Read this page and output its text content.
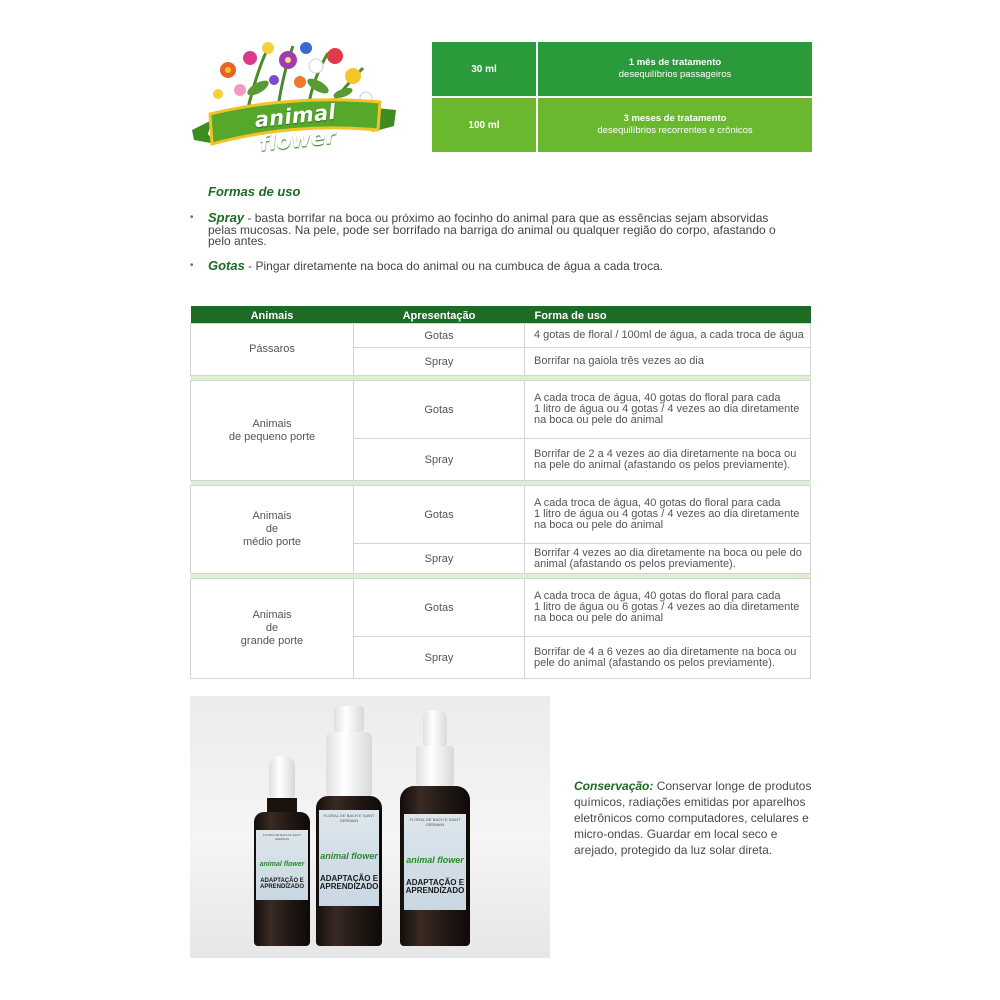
animal flower
30 ml
1 mês de tratamento
desequilíbrios passageiros
100 ml
3 meses de tratamento
desequilíbrios recorrentes e crônicos
Formas de uso
• Spray - basta borrifar na boca ou próximo ao focinho do animal para que as essências sejam absorvidas pelas mucosas. Na pele, pode ser borrifado na barriga do animal ou qualquer região do corpo, afastando o pelo antes.
• Gotas - Pingar diretamente na boca do animal ou na cumbuca de água a cada troca.
Animais	Apresentação	Forma de uso
Pássaros	Gotas	4 gotas de floral / 100ml de água, a cada troca de água
	Spray	Borrifar na gaiola três vezes ao dia

Animais
de pequeno porte	Gotas	A cada troca de água, 40 gotas do floral para cada
1 litro de água ou 4 gotas / 4 vezes ao dia diretamente na boca ou pele do animal
	Spray	Borrifar de 2 a 4 vezes ao dia diretamente na boca ou na pele do animal (afastando os pelos previamente).

Animais
de
médio porte	Gotas	A cada troca de água, 40 gotas do floral para cada
1 litro de água ou 4 gotas / 4 vezes ao dia diretamente na boca ou pele do animal
	Spray	Borrifar 4 vezes ao dia diretamente na boca ou pele do animal (afastando os pelos previamente).

Animais
de
grande porte	Gotas	A cada troca de água, 40 gotas do floral para cada
1 litro de água ou 6 gotas / 4 vezes ao dia diretamente na boca ou pele do animal
	Spray	Borrifar de 4 a 6 vezes ao dia diretamente na boca ou pele do animal (afastando os pelos previamente).
FLORAL DE BACH E SAINT GERMAIN
animal flower
ADAPTAÇÃO E APRENDIZADO
FLORAL DE BACH E SAINT GERMAIN
animal flower
ADAPTAÇÃO E APRENDIZADO
FLORAL DE BACH E SAINT GERMAIN
animal flower
ADAPTAÇÃO E APRENDIZADO
Conservação: Conservar longe de produtos químicos, radiações emitidas por aparelhos eletrônicos como computadores, celulares e micro-ondas. Guardar em local seco e arejado, protegido da luz solar direta.
